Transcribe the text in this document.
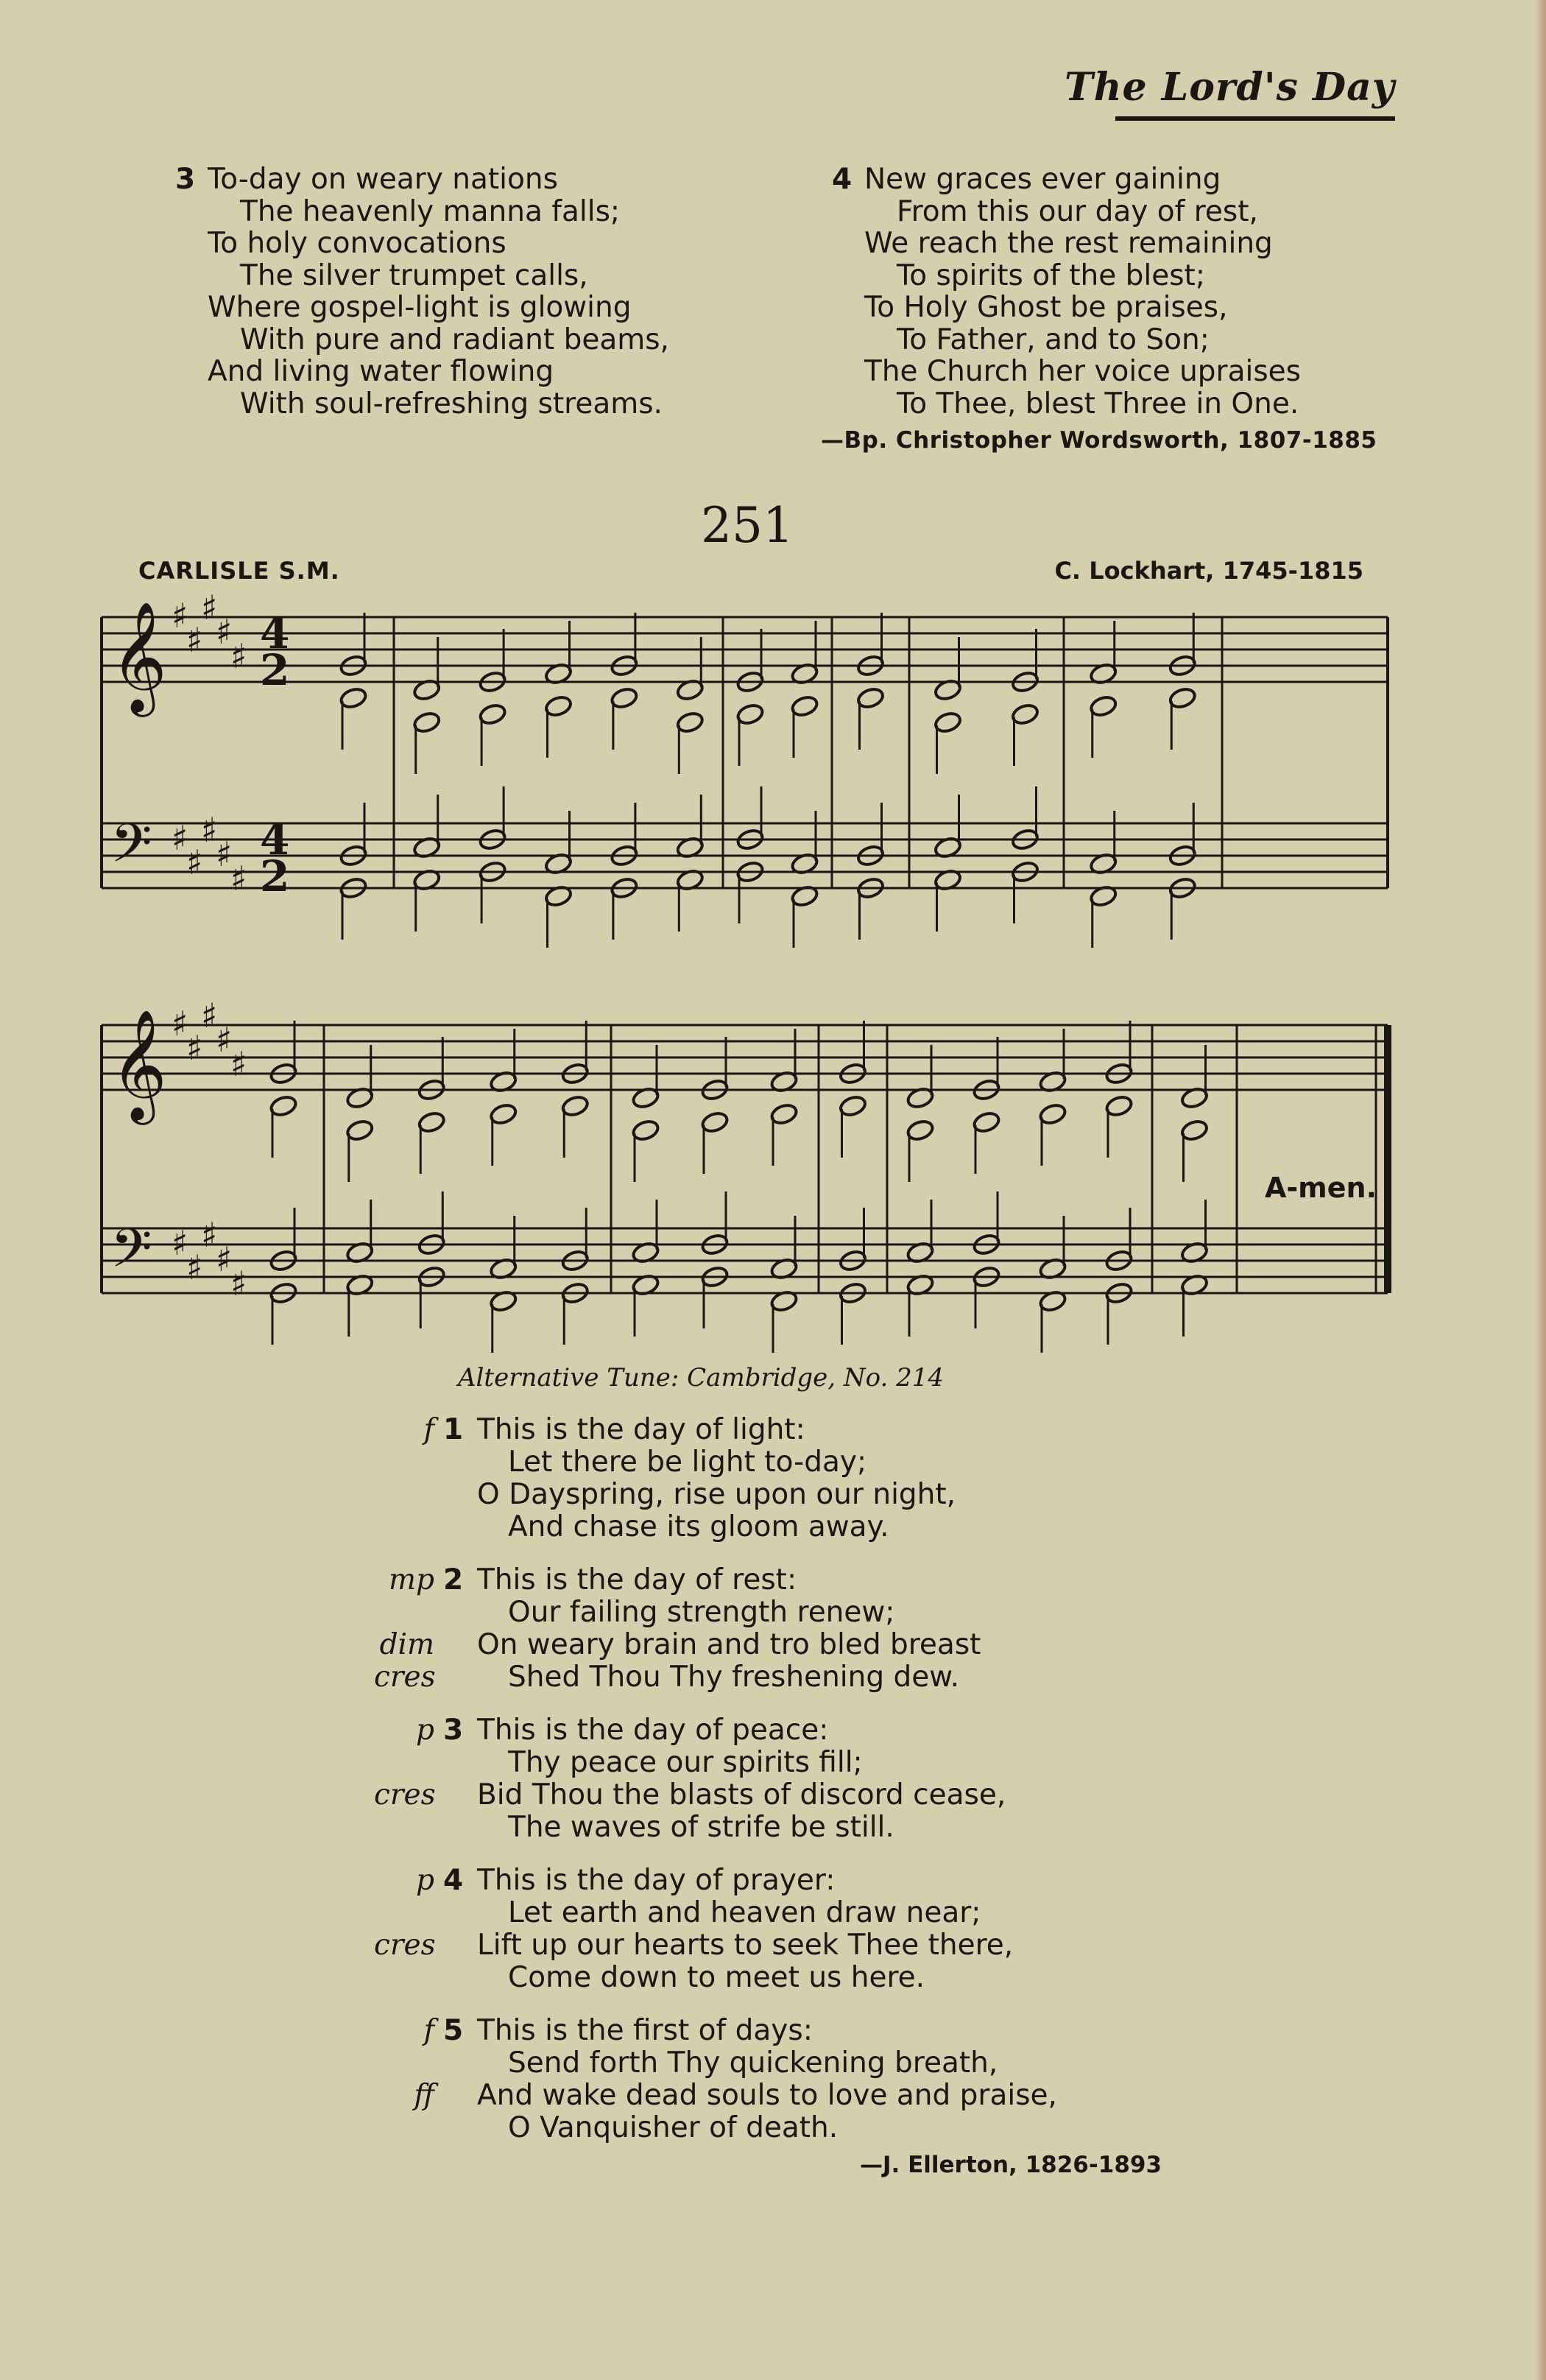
The Lord's Day
3 To-day on weary nations
The heavenly manna falls;
To holy convocations
The silver trumpet calls,
Where gospel-light is glowing
With pure and radiant beams,
And living water flowing
With soul-refreshing streams.
4 New graces ever gaining
From this our day of rest,
We reach the rest remaining
To spirits of the blest;
To Holy Ghost be praises,
To Father, and to Son;
The Church her voice upraises
To Thee, blest Three in One.
—Bp. Christopher Wordsworth, 1807-1885
251
CARLISLE S.M.	C. Lockhart, 1745-1815
𝄞 ♯
♯
♯
♯
♯ 4
2
𝄢 ♯
♯
♯
♯
♯
4
2
𝄞 ♯
♯
♯
♯
♯
𝄢 ♯
♯
♯
♯
♯
A-men.
Alternative Tune: Cambridge, No. 214
f 1 This is the day of light:
Let there be light to-day;
O Dayspring, rise upon our night,
And chase its gloom away.
mp 2 This is the day of rest:
Our failing strength renew;
dim	On weary brain and tro bled breast
cres	Shed Thou Thy freshening dew.
p 3 This is the day of peace:
Thy peace our spirits fill;
cres Bid Thou the blasts of discord cease,
The waves of strife be still.
p 4 This is the day of prayer:
Let earth and heaven draw near;
cres Lift up our hearts to seek Thee there,
Come down to meet us here.
f 5 This is the first of days:
Send forth Thy quickening breath,
ff	And wake dead souls to love and praise,
O Vanquisher of death.
—J. Ellerton, 1826-1893
